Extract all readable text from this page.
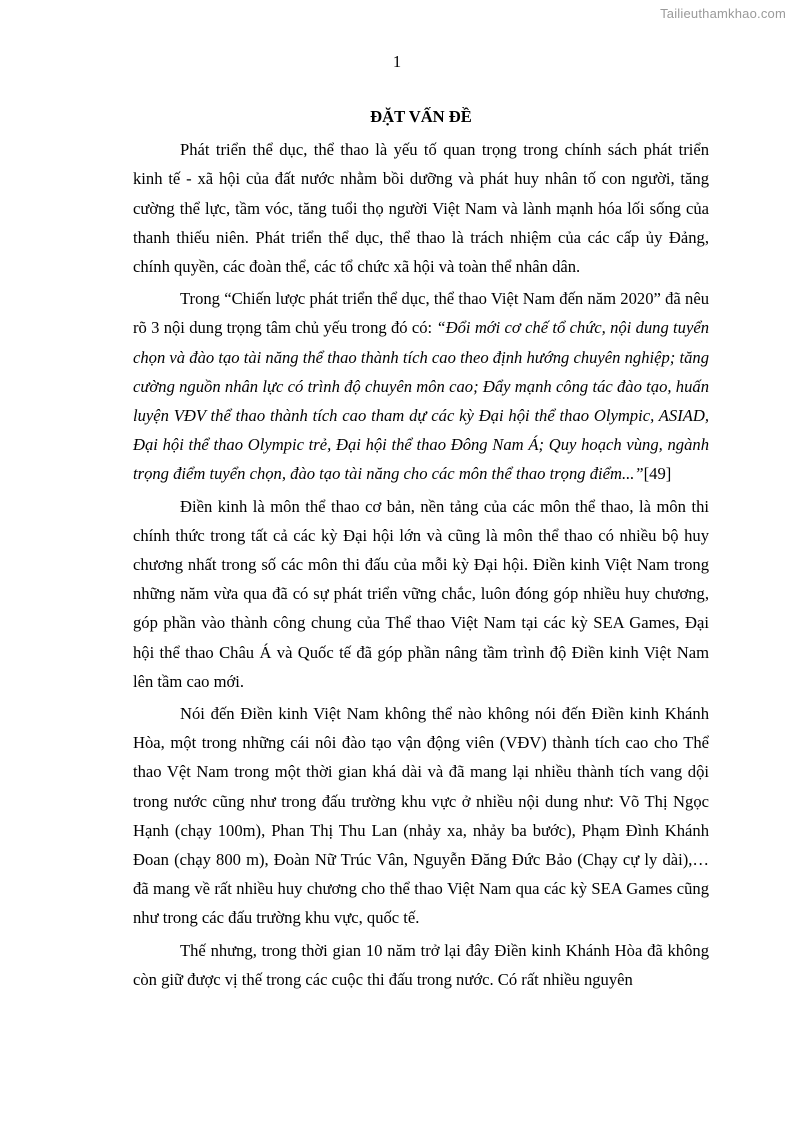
Tailieuthamkhao.com
1
ĐẶT VẤN ĐỀ

Phát triển thể dục, thể thao là yếu tố quan trọng trong chính sách phát triển kinh tế - xã hội của đất nước nhằm bồi dưỡng và phát huy nhân tố con người, tăng cường thể lực, tầm vóc, tăng tuổi thọ người Việt Nam và lành mạnh hóa lối sống của thanh thiếu niên. Phát triển thể dục, thể thao là trách nhiệm của các cấp ủy Đảng, chính quyền, các đoàn thể, các tổ chức xã hội và toàn thể nhân dân.

Trong “Chiến lược phát triển thể dục, thể thao Việt Nam đến năm 2020” đã nêu rõ 3 nội dung trọng tâm chủ yếu trong đó có: “Đổi mới cơ chế tổ chức, nội dung tuyển chọn và đào tạo tài năng thể thao thành tích cao theo định hướng chuyên nghiệp; tăng cường nguồn nhân lực có trình độ chuyên môn cao; Đẩy mạnh công tác đào tạo, huấn luyện VĐV thể thao thành tích cao tham dự các kỳ Đại hội thể thao Olympic, ASIAD, Đại hội thể thao Olympic trẻ, Đại hội thể thao Đông Nam Á; Quy hoạch vùng, ngành trọng điểm tuyển chọn, đào tạo tài năng cho các môn thể thao trọng điểm...”[49]

Điền kinh là môn thể thao cơ bản, nền tảng của các môn thể thao, là môn thi chính thức trong tất cả các kỳ Đại hội lớn và cũng là môn thể thao có nhiều bộ huy chương nhất trong số các môn thi đấu của mỗi kỳ Đại hội. Điền kinh Việt Nam trong những năm vừa qua đã có sự phát triển vững chắc, luôn đóng góp nhiều huy chương, góp phần vào thành công chung của Thể thao Việt Nam tại các kỳ SEA Games, Đại hội thể thao Châu Á và Quốc tế đã góp phần nâng tầm trình độ Điền kinh Việt Nam lên tầm cao mới.

Nói đến Điền kinh Việt Nam không thể nào không nói đến Điền kinh Khánh Hòa, một trong những cái nôi đào tạo vận động viên (VĐV) thành tích cao cho Thể thao Vệt Nam trong một thời gian khá dài và đã mang lại nhiều thành tích vang dội trong nước cũng như trong đấu trường khu vực ở nhiều nội dung như: Võ Thị Ngọc Hạnh (chạy 100m), Phan Thị Thu Lan (nhảy xa, nhảy ba bước), Phạm Đình Khánh Đoan (chạy 800 m), Đoàn Nữ Trúc Vân, Nguyễn Đăng Đức Bảo (Chạy cự ly dài),… đã mang về rất nhiều huy chương cho thể thao Việt Nam qua các kỳ SEA Games cũng như trong các đấu trường khu vực, quốc tế.

Thế nhưng, trong thời gian 10 năm trở lại đây Điền kinh Khánh Hòa đã không còn giữ được vị thế trong các cuộc thi đấu trong nước. Có rất nhiều nguyên
